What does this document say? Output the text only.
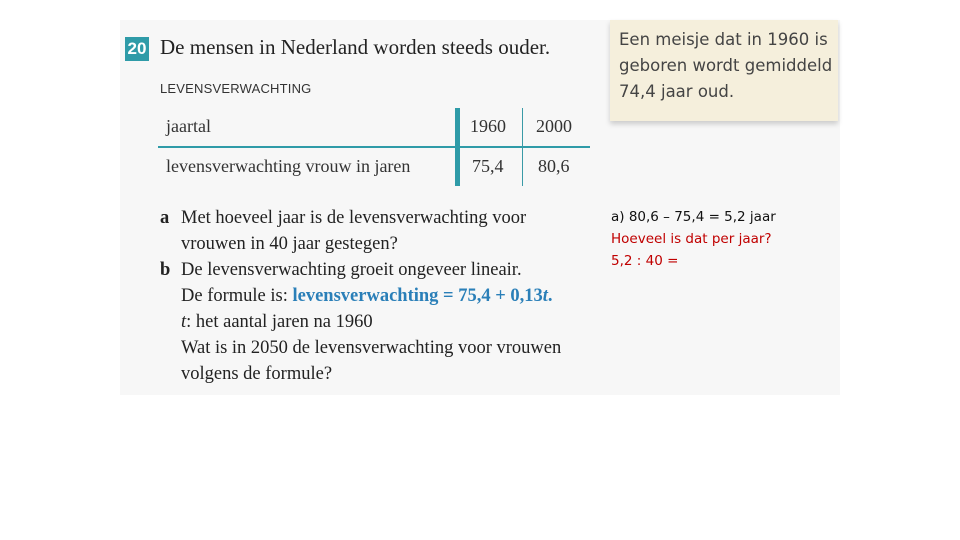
20 De mensen in Nederland worden steeds ouder.
LEVENSVERWACHTING
jaartal	1960 2000
levensverwachting vrouw in jaren	75,4 80,6
a Met hoeveel jaar is de levensverwachting voor
vrouwen in 40 jaar gestegen?
b De levensverwachting groeit ongeveer lineair.
De formule is: levensverwachting = 75,4 + 0,13t.
t: het aantal jaren na 1960
Wat is in 2050 de levensverwachting voor vrouwen
volgens de formule?
Een meisje dat in 1960 is
geboren wordt gemiddeld
74,4 jaar oud.
a) 80,6 – 75,4 = 5,2 jaar
Hoeveel is dat per jaar?
5,2 : 40 =
